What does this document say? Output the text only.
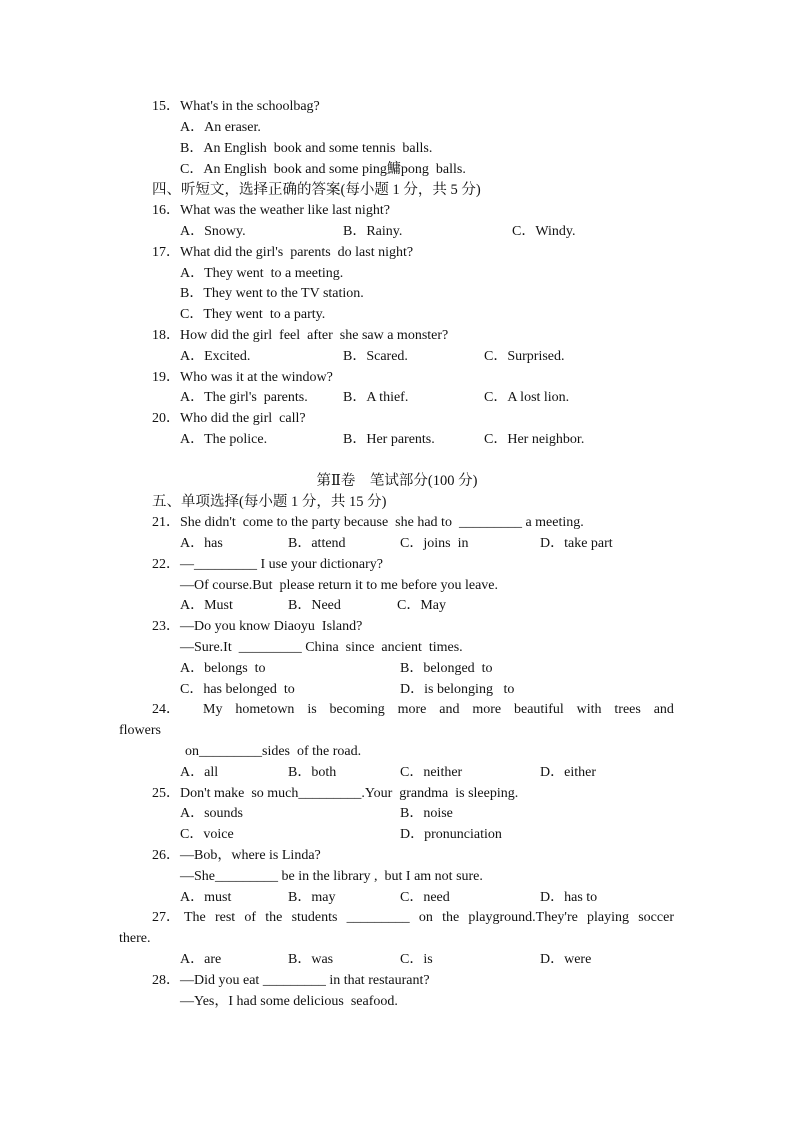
15．What's in the schoolbag?
A．An eraser.
B．An English  book and some tennis  balls.
C．An English  book and some ping鱅pong  balls.
四、听短文，选择正确的答案(每小题 1 分，共 5 分)
16．What was the weather like last night?
A．Snowy.	B．Rainy.	C．Windy.
17．What did the girl's  parents  do last night?
A．They went  to a meeting.
B．They went to the TV station.
C．They went  to a party.
18．How did the girl  feel  after  she saw a monster?
A．Excited.	B．Scared.	C．Surprised.
19．Who was it at the window?
A．The girl's  parents.	B．A thief.	C．A lost lion.
20．Who did the girl  call?
A．The police.	B．Her parents.	C．Her neighbor.
第Ⅱ卷　笔试部分(100 分)
五、单项选择(每小题 1 分，共 15 分)
21．She didn't  come to the party because  she had to  _________ a meeting.
A．has	B．attend	C．joins  in	D．take part
22．—_________ I use your dictionary?
—Of course.But  please return it to me before you leave.
A．Must	B．Need	C．May
23．—Do you know Diaoyu  Island?
—Sure.It  _________ China  since  ancient  times.
A．belongs  to	B．belonged  to
C．has belonged  to	D．is belonging   to
24． My hometown is becoming more and more beautiful with trees and
flowers
on_________sides  of the road.
A．all	B．both	C．neither	D．either
25．Don't make  so much_________.Your  grandma  is sleeping.
A．sounds	B．noise
C．voice	D．pronunciation
26．—Bob，where is Linda?
—She_________ be in the library ,  but I am not sure.
A．must	B．may	C．need	D．has to
27． The rest of the students _________ on the playground.They're playing soccer
there.
A．are	B．was	C．is	D．were
28．—Did you eat _________ in that restaurant?
—Yes，I had some delicious  seafood.
